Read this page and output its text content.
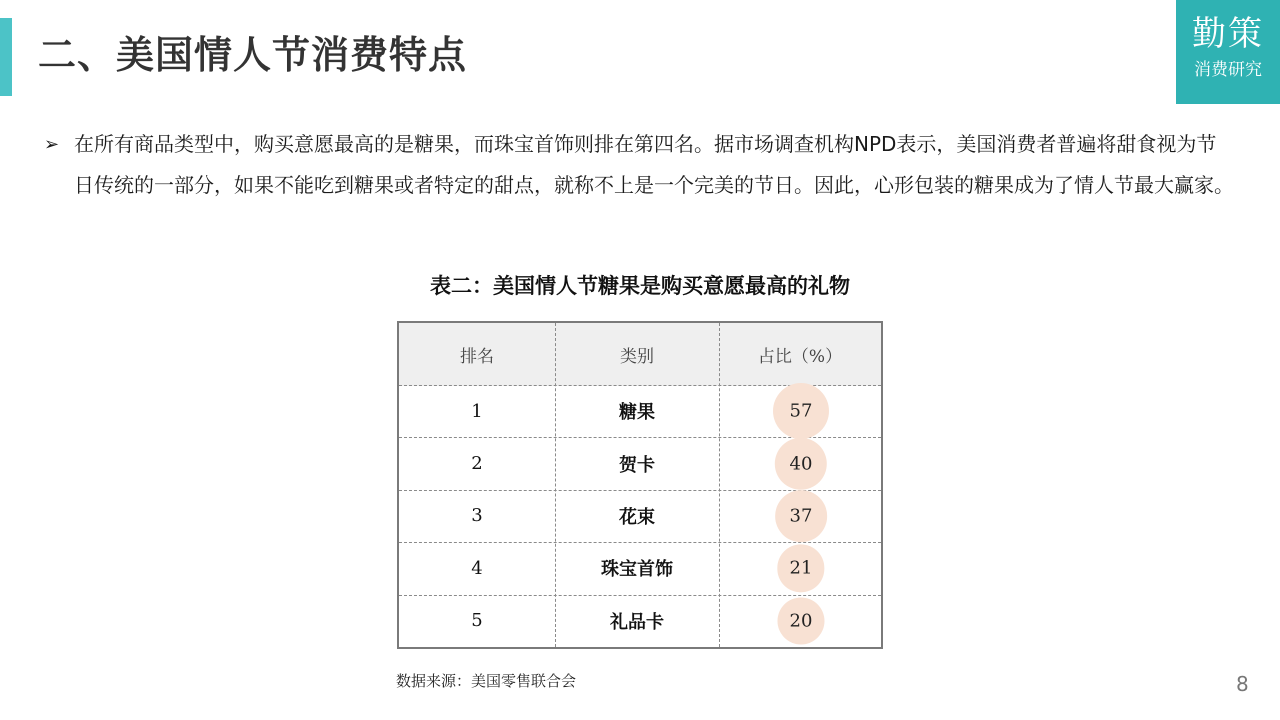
二、美国情人节消费特点	勤策
消费研究
➢ 在所有商品类型中，购买意愿最高的是糖果，而珠宝首饰则排在第四名。据市场调查机构NPD表示，美国消费者普遍将甜食视为节日传统的一部分，如果不能吃到糖果或者特定的甜点，就称不上是一个完美的节日。因此，心形包装的糖果成为了情人节最大赢家。
表二：美国情人节糖果是购买意愿最高的礼物
排名	类别	占比（%）
1	糖果	57
2	贺卡	40
3	花束	37
4	珠宝首饰	21
5	礼品卡	20
数据来源：美国零售联合会	8
